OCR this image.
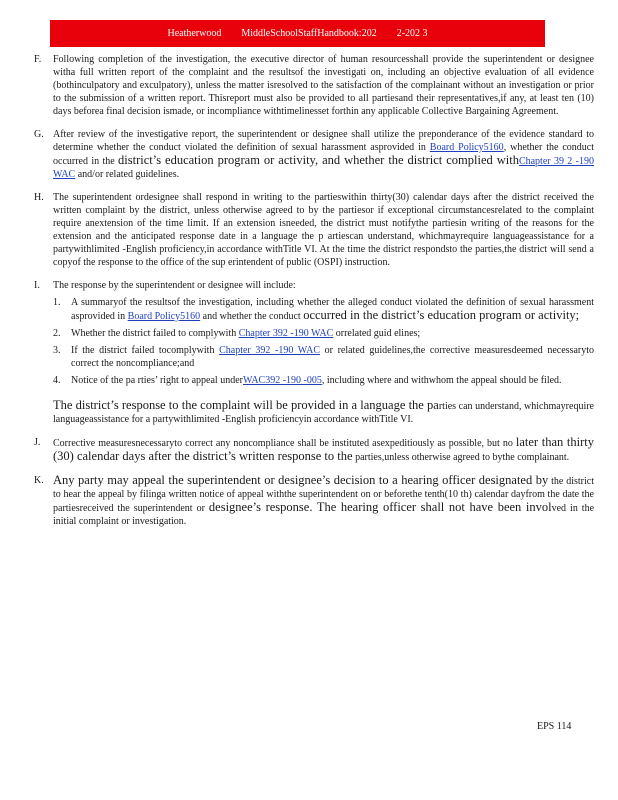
Heatherwood        MiddleSchoolStaffHandbook:202        2-202 3
F. Following completion of the investigation, the executive director of human resourcesshall provide the superintendent or designee witha full written report of the complaint and the resultsof the investigati on, including an objective evaluation of all evidence (bothinculpatory and exculpatory), unless the matter isresolved to the satisfaction of the complainant without an investigation or prior to the submission of a written report. Thisreport must also be provided to all partiesand their representatives,if any, at least ten (10) days beforea final decision ismade, or incompliance withtimelinesset forthin any applicable Collective Bargaining Agreement.
G. After review of the investigative report, the superintendent or designee shall utilize the preponderance of the evidence standard to determine whether the conduct violated the definition of sexual harassment asprovided in Board Policy5160, whether the conduct occurred in the district’s education program or activity, and whether the district complied withChapter 39 2 -190 WAC and/or related guidelines.
H. The superintendent ordesignee shall respond in writing to the partieswithin thirty(30) calendar days after the district received the written complaint by the district, unless otherwise agreed to by the partiesor if exceptional circumstancesrelated to the complaint require anextension of the time limit. If an extension isneeded, the district must notifythe partiesin writing of the reasons for the extension and the anticipated response date in a language the p artiescan understand, whichmayrequire languageassistance for a partywithlimited -English proficiency,in accordance withTitle VI. At the time the district respondsto the parties,the district will send a copyof the response to the office of the sup erintendent of public (OSPI) instruction.
I. The response by the superintendent or designee will include:
1. A summaryof the resultsof the investigation, including whether the alleged conduct violated the definition of sexual harassment asprovided in Board Policy5160 and whether the conduct occurred in the district’s education program or activity;
2. Whether the district failed to complywith Chapter 392 -190 WAC orrelated guid elines;
3. If the district failed tocomplywith Chapter 392 -190 WAC or related guidelines,the corrective measuresdeemed necessaryto correct the noncompliance;and
4. Notice of the pa rties’ right to appeal underWAC392 -190 -005, including where and withwhom the appeal should be filed.
The district’s response to the complaint will be provided in a language the parties can understand, whichmayrequire languageassistance for a partywithlimited -English proficiencyin accordance withTitle VI.
J. Corrective measuresnecessaryto correct any noncompliance shall be instituted asexpeditiously as possible, but no later than thirty (30) calendar days after the district’s written response to the parties,unless otherwise agreed to bythe complainant.
K. Any party may appeal the superintendent or designee’s decision to a hearing officer designated by the district to hear the appeal by filinga written notice of appeal withthe superintendent on or beforethe tenth(10 th) calendar dayfrom the date the partiesreceived the superintendent or designee’s response. The hearing officer shall not have been involved in the initial complaint or investigation.
EPS 114
